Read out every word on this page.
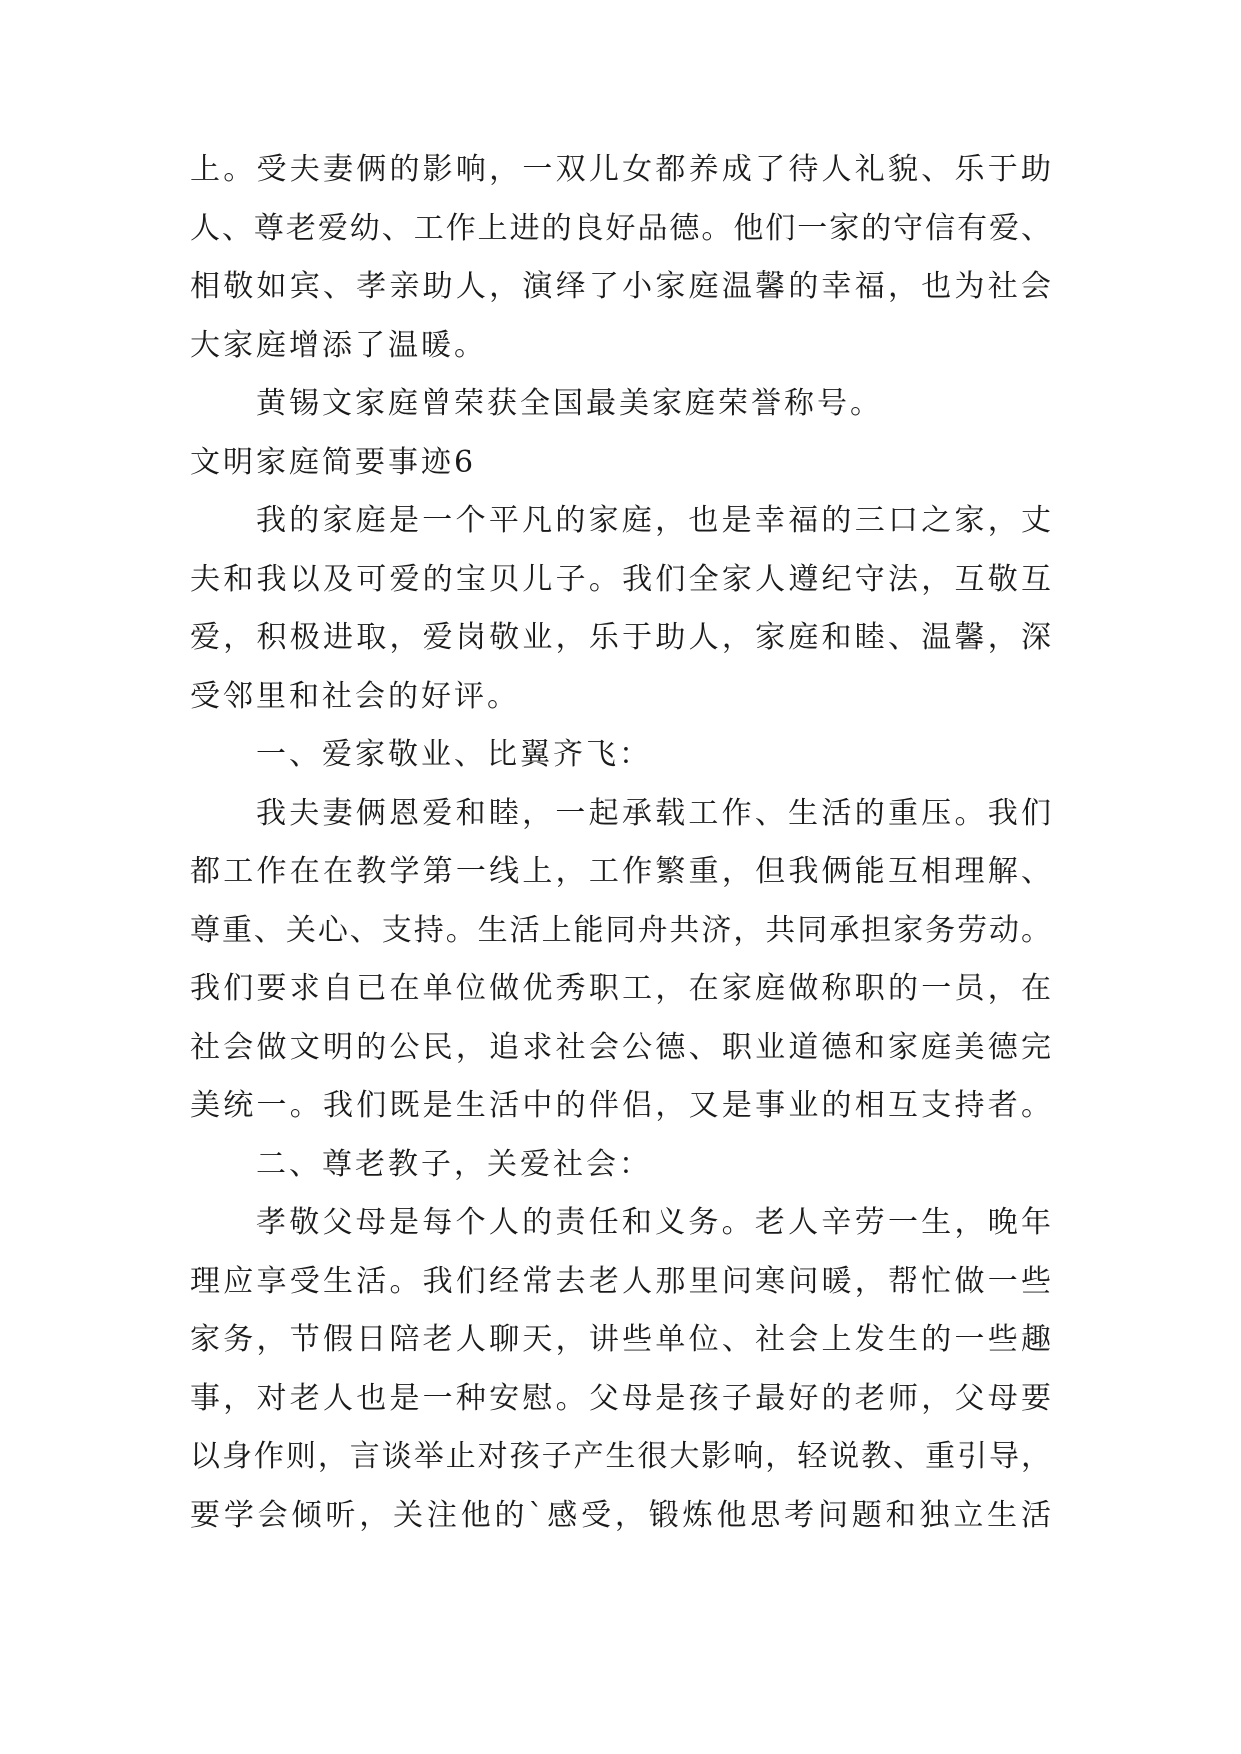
上。受夫妻俩的影响，一双儿女都养成了待人礼貌、乐于助
人、尊老爱幼、工作上进的良好品德。他们一家的守信有爱、
相敬如宾、孝亲助人，演绎了小家庭温馨的幸福，也为社会
大家庭增添了温暖。
黄锡文家庭曾荣获全国最美家庭荣誉称号。
文明家庭简要事迹6
我的家庭是一个平凡的家庭，也是幸福的三口之家，丈
夫和我以及可爱的宝贝儿子。我们全家人遵纪守法，互敬互
爱，积极进取，爱岗敬业，乐于助人，家庭和睦、温馨，深
受邻里和社会的好评。
一、爱家敬业、比翼齐飞：
我夫妻俩恩爱和睦，一起承载工作、生活的重压。我们
都工作在在教学第一线上，工作繁重，但我俩能互相理解、
尊重、关心、支持。生活上能同舟共济，共同承担家务劳动。
我们要求自已在单位做优秀职工，在家庭做称职的一员，在
社会做文明的公民，追求社会公德、职业道德和家庭美德完
美统一。我们既是生活中的伴侣，又是事业的相互支持者。
二、尊老教子，关爱社会：
孝敬父母是每个人的责任和义务。老人辛劳一生，晚年
理应享受生活。我们经常去老人那里问寒问暖，帮忙做一些
家务，节假日陪老人聊天，讲些单位、社会上发生的一些趣
事，对老人也是一种安慰。父母是孩子最好的老师，父母要
以身作则，言谈举止对孩子产生很大影响，轻说教、重引导，
要学会倾听，关注他的`感受，锻炼他思考问题和独立生活
